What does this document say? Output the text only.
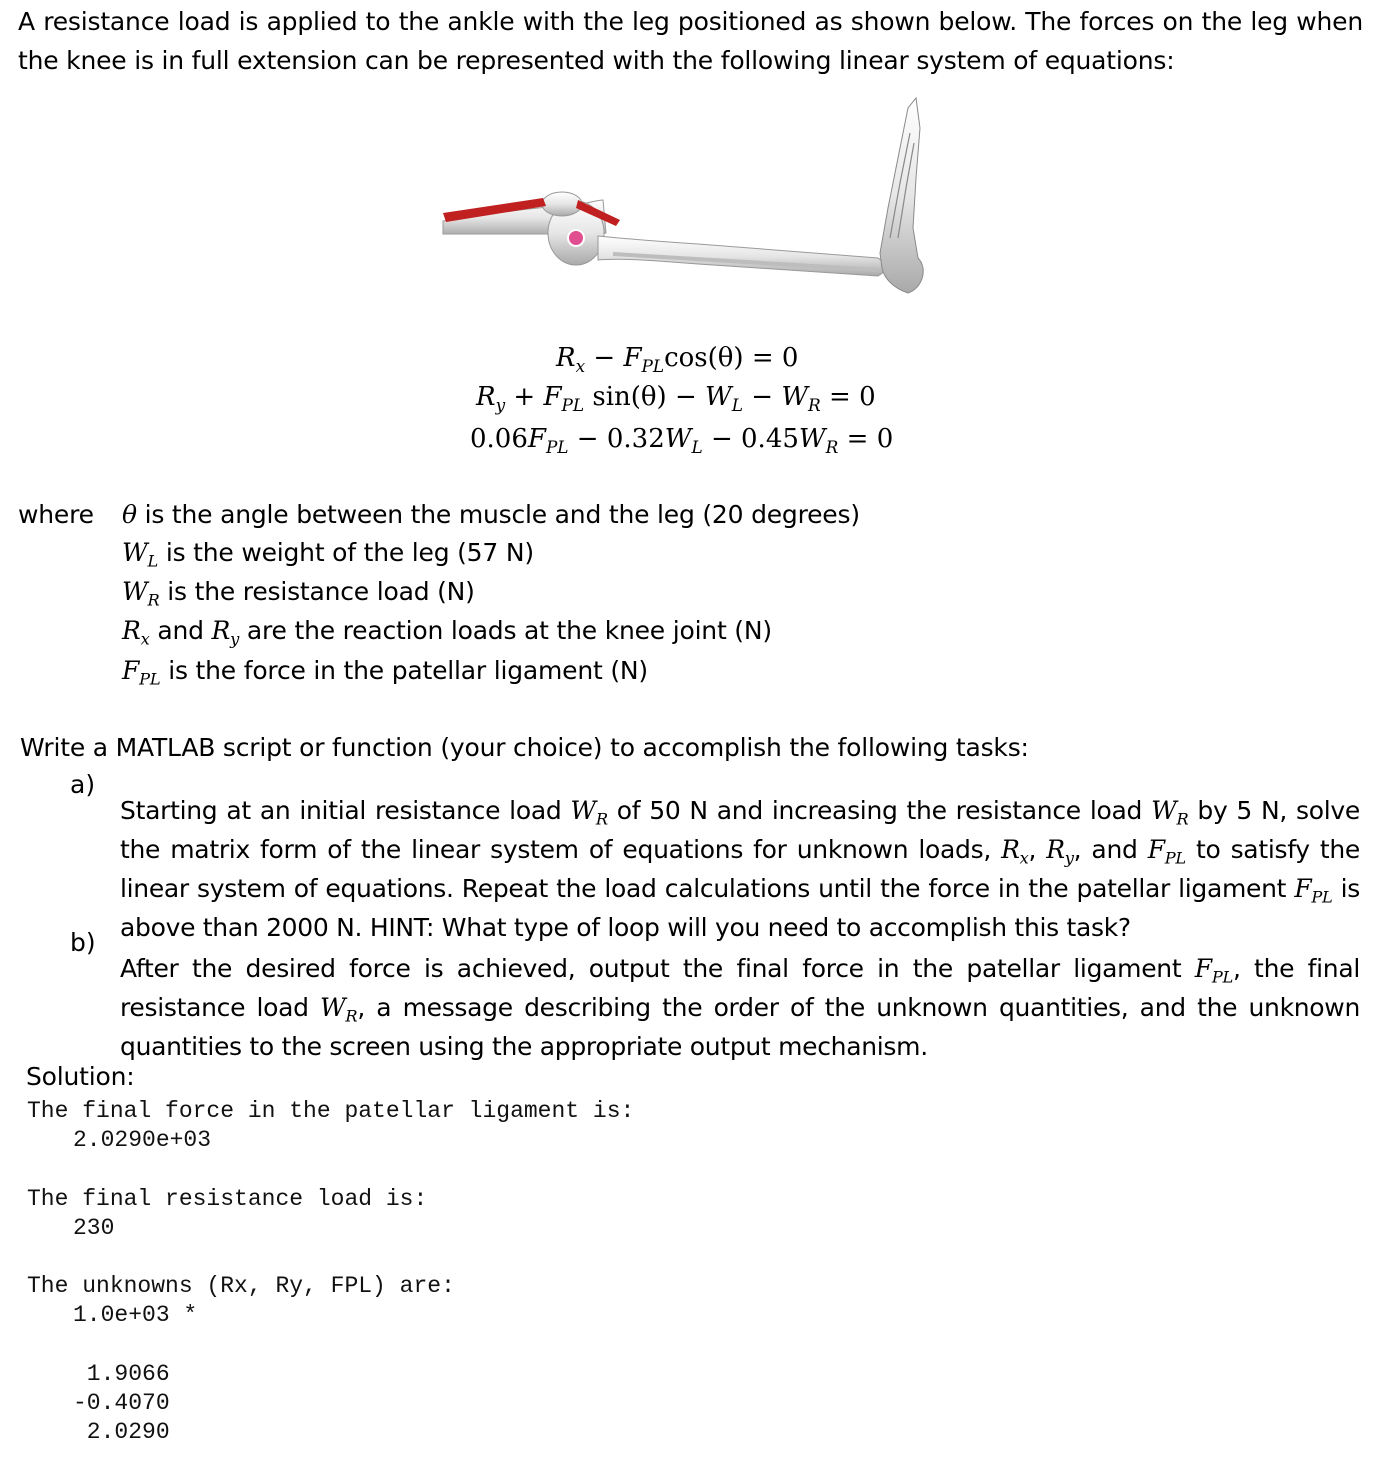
A resistance load is applied to the ankle with the leg positioned as shown below. The forces on the leg when the knee is in full extension can be represented with the following linear system of equations:

$R_x - F_{PL}\cos(\theta) = 0$
$R_y + F_{PL}$ $\sin(\theta) - W_L - W_R = 0$
$0.06F_{PL} - 0.32W_L - 0.45W_R = 0$

where θ is the angle between the muscle and the leg (20 degrees)

$W_L$ is the weight of the leg (57 N)

$W_R$ is the resistance load (N)

$R_x$ and $R_y$ are the reaction loads at the knee joint (N)

$F_{PL}$ is the force in the patellar ligament (N)

Write a MATLAB script or function (your choice) to accomplish the following tasks:

a)

Starting at an initial resistance load $W_R$ of 50 N and increasing the resistance load $W_R$ by 5 N, solve the matrix form of the linear system of equations for unknown loads, $R_x$, $R_y$, and $F_{PL}$ to satisfy the linear system of equations. Repeat the load calculations until the force in the patellar ligament $F_{PL}$ is above than 2000 N. HINT: What type of loop will you need to accomplish this task?

b)

After the desired force is achieved, output the final force in the patellar ligament $F_{PL}$, the final resistance load $W_R$, a message describing the order of the unknown quantities, and the unknown quantities to the screen using the appropriate output mechanism.

Solution:

The final force in the patellar ligament is:
2.0290e+03
The final resistance load is:
230
The unknowns (Rx, Ry, FPL) are:
1.0e+03 *
1.9066
-0.4070
2.0290
